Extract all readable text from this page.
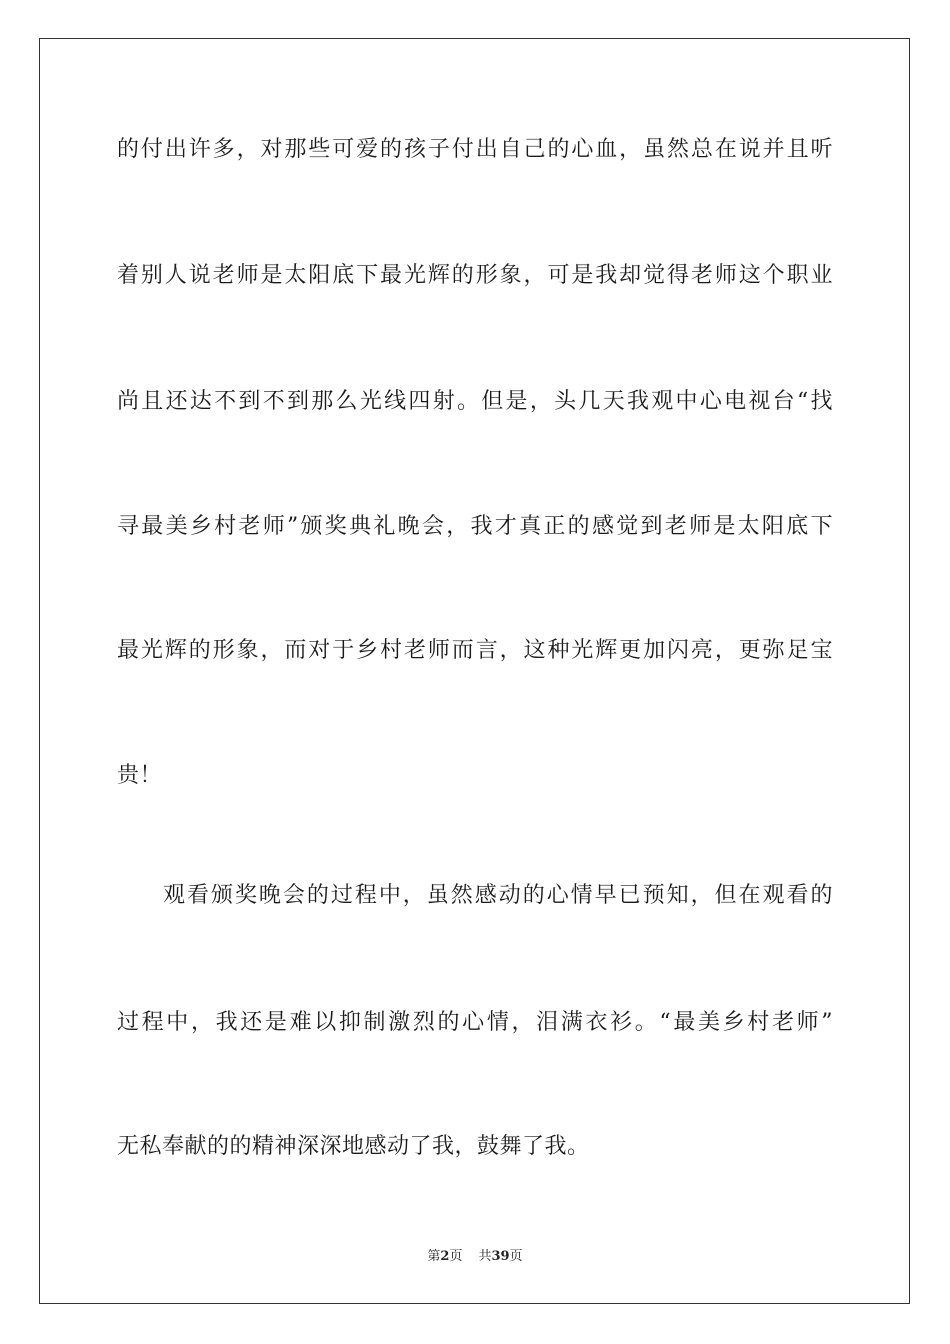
的付出许多，对那些可爱的孩子付出自己的心血，虽然总在说并且听
着别人说老师是太阳底下最光辉的形象，可是我却觉得老师这个职业
尚且还达不到不到那么光线四射。但是，头几天我观中心电视台“找
寻最美乡村老师”颁奖典礼晚会，我才真正的感觉到老师是太阳底下
最光辉的形象，而对于乡村老师而言，这种光辉更加闪亮，更弥足宝
贵！
观看颁奖晚会的过程中，虽然感动的心情早已预知，但在观看的
过程中，我还是难以抑制激烈的心情，泪满衣衫。“最美乡村老师”
无私奉献的的精神深深地感动了我，鼓舞了我。
第2页 共39页
